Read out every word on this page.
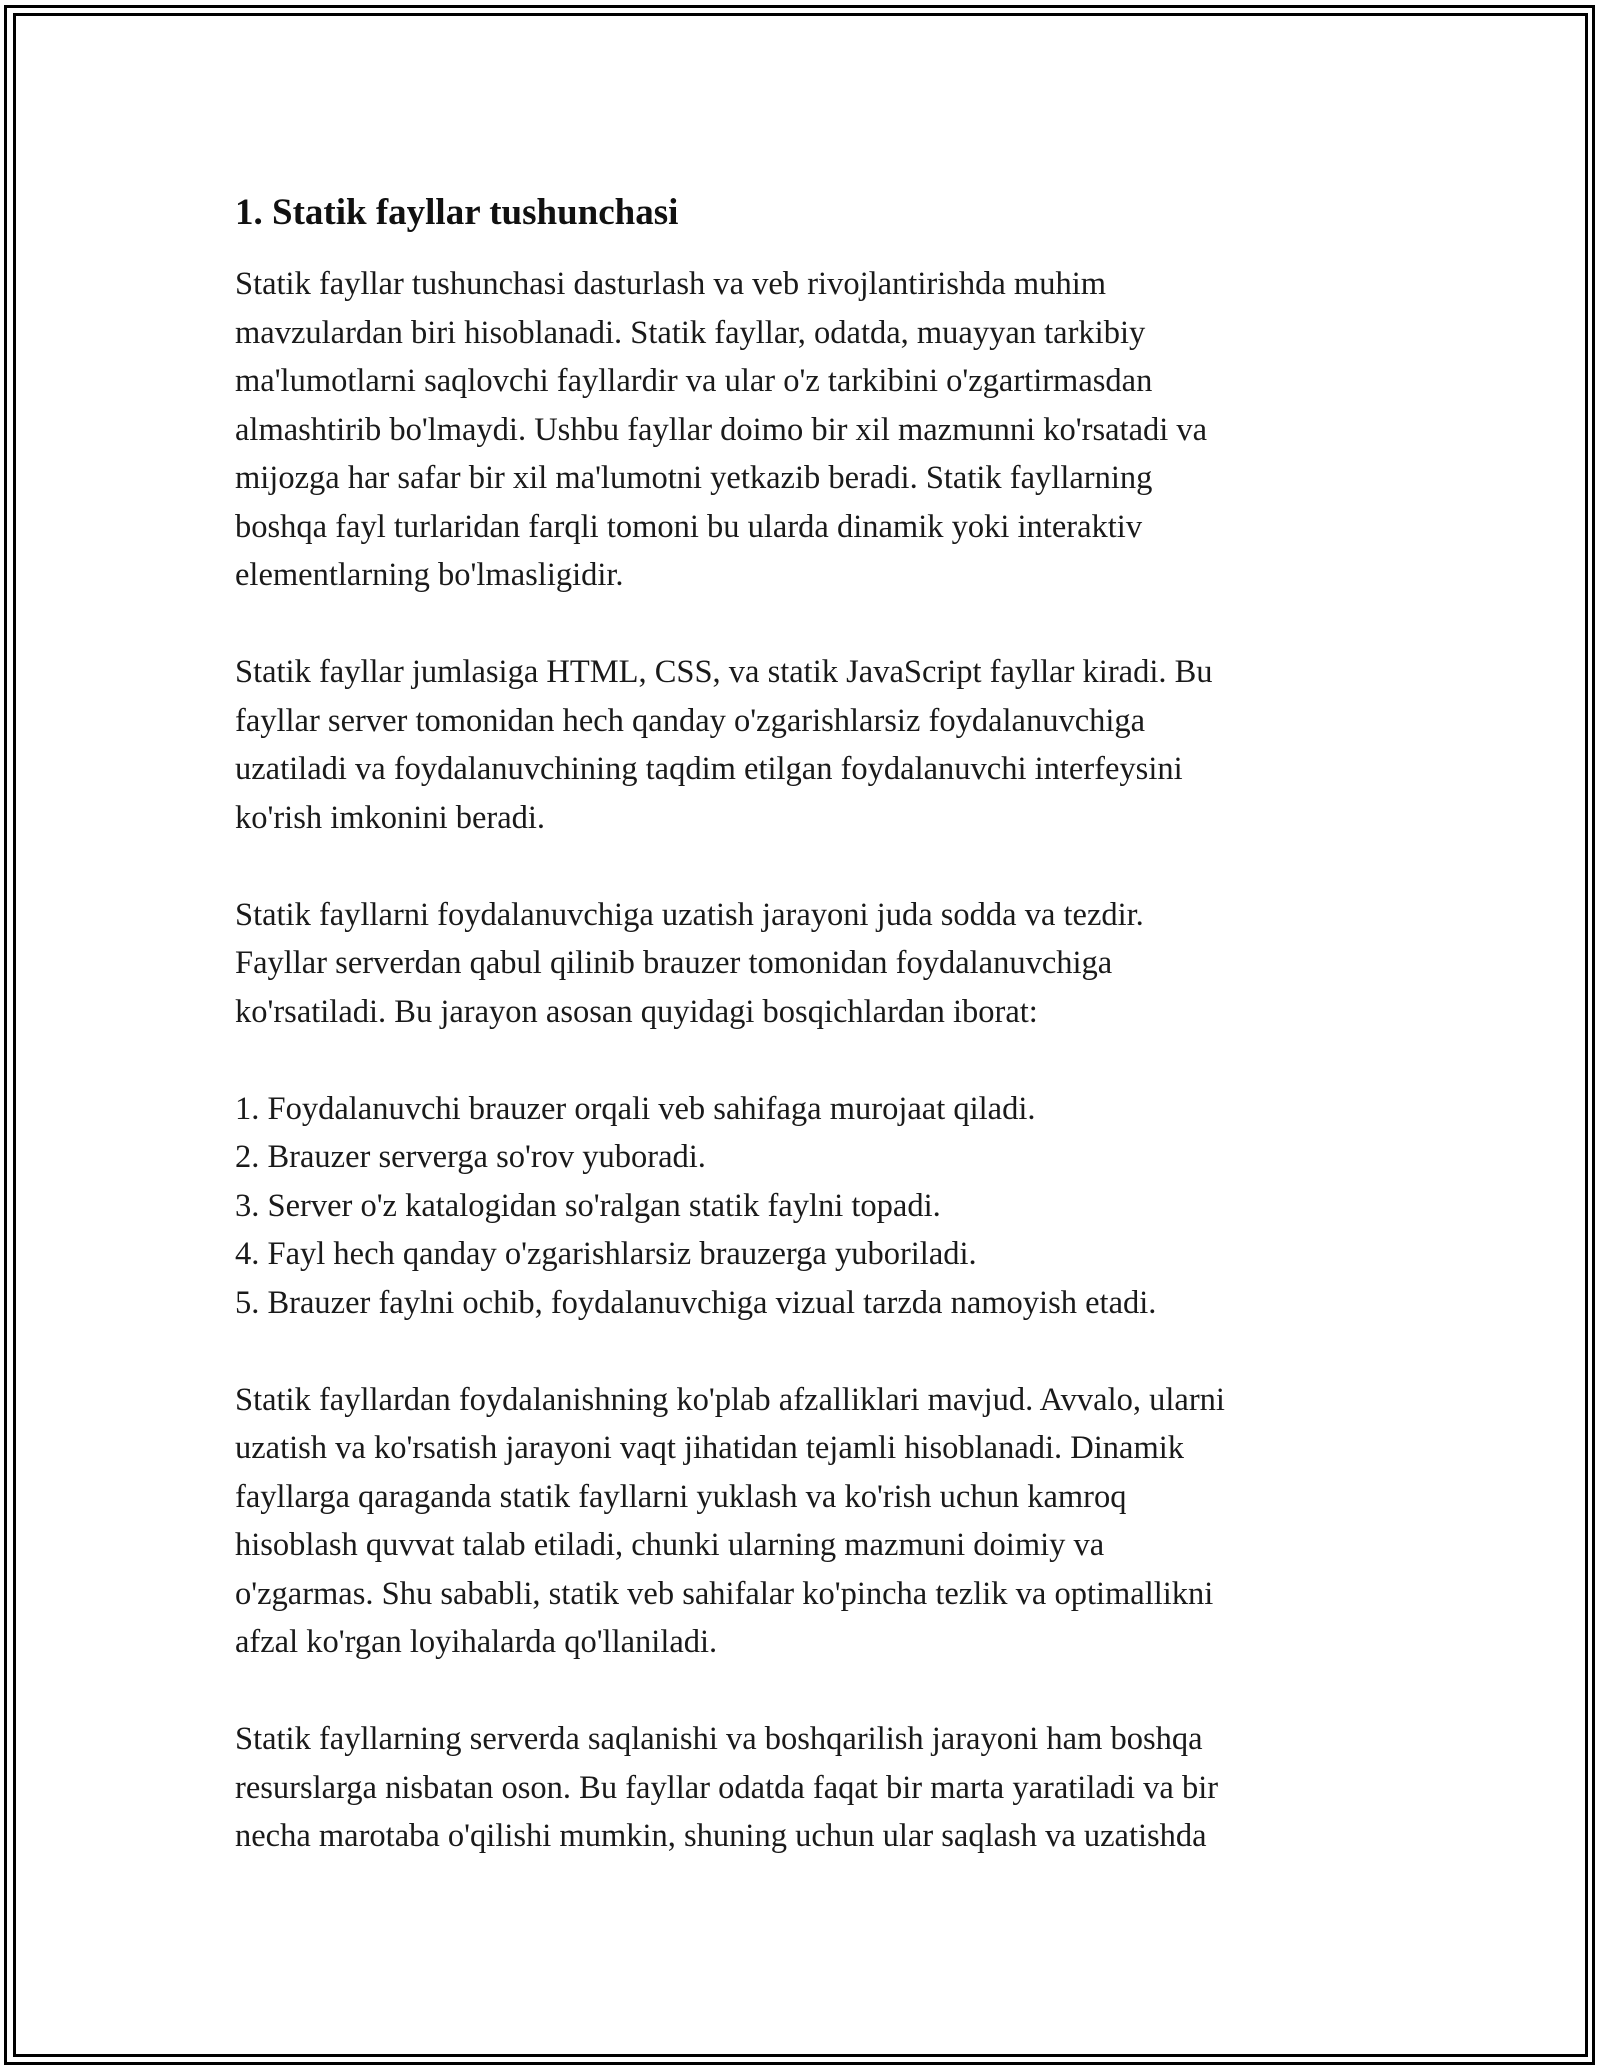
1. Statik fayllar tushunchasi

Statik fayllar tushunchasi dasturlash va veb rivojlantirishda muhim
mavzulardan biri hisoblanadi. Statik fayllar, odatda, muayyan tarkibiy
ma'lumotlarni saqlovchi fayllardir va ular o'z tarkibini o'zgartirmasdan
almashtirib bo'lmaydi. Ushbu fayllar doimo bir xil mazmunni ko'rsatadi va
mijozga har safar bir xil ma'lumotni yetkazib beradi. Statik fayllarning
boshqa fayl turlaridan farqli tomoni bu ularda dinamik yoki interaktiv
elementlarning bo'lmasligidir.

Statik fayllar jumlasiga HTML, CSS, va statik JavaScript fayllar kiradi. Bu
fayllar server tomonidan hech qanday o'zgarishlarsiz foydalanuvchiga
uzatiladi va foydalanuvchining taqdim etilgan foydalanuvchi interfeysini
ko'rish imkonini beradi.

Statik fayllarni foydalanuvchiga uzatish jarayoni juda sodda va tezdir.
Fayllar serverdan qabul qilinib brauzer tomonidan foydalanuvchiga
ko'rsatiladi. Bu jarayon asosan quyidagi bosqichlardan iborat:

1. Foydalanuvchi brauzer orqali veb sahifaga murojaat qiladi.
2. Brauzer serverga so'rov yuboradi.
3. Server o'z katalogidan so'ralgan statik faylni topadi.
4. Fayl hech qanday o'zgarishlarsiz brauzerga yuboriladi.
5. Brauzer faylni ochib, foydalanuvchiga vizual tarzda namoyish etadi.

Statik fayllardan foydalanishning ko'plab afzalliklari mavjud. Avvalo, ularni
uzatish va ko'rsatish jarayoni vaqt jihatidan tejamli hisoblanadi. Dinamik
fayllarga qaraganda statik fayllarni yuklash va ko'rish uchun kamroq
hisoblash quvvat talab etiladi, chunki ularning mazmuni doimiy va
o'zgarmas. Shu sababli, statik veb sahifalar ko'pincha tezlik va optimallikni
afzal ko'rgan loyihalarda qo'llaniladi.

Statik fayllarning serverda saqlanishi va boshqarilish jarayoni ham boshqa
resurslarga nisbatan oson. Bu fayllar odatda faqat bir marta yaratiladi va bir
necha marotaba o'qilishi mumkin, shuning uchun ular saqlash va uzatishda
